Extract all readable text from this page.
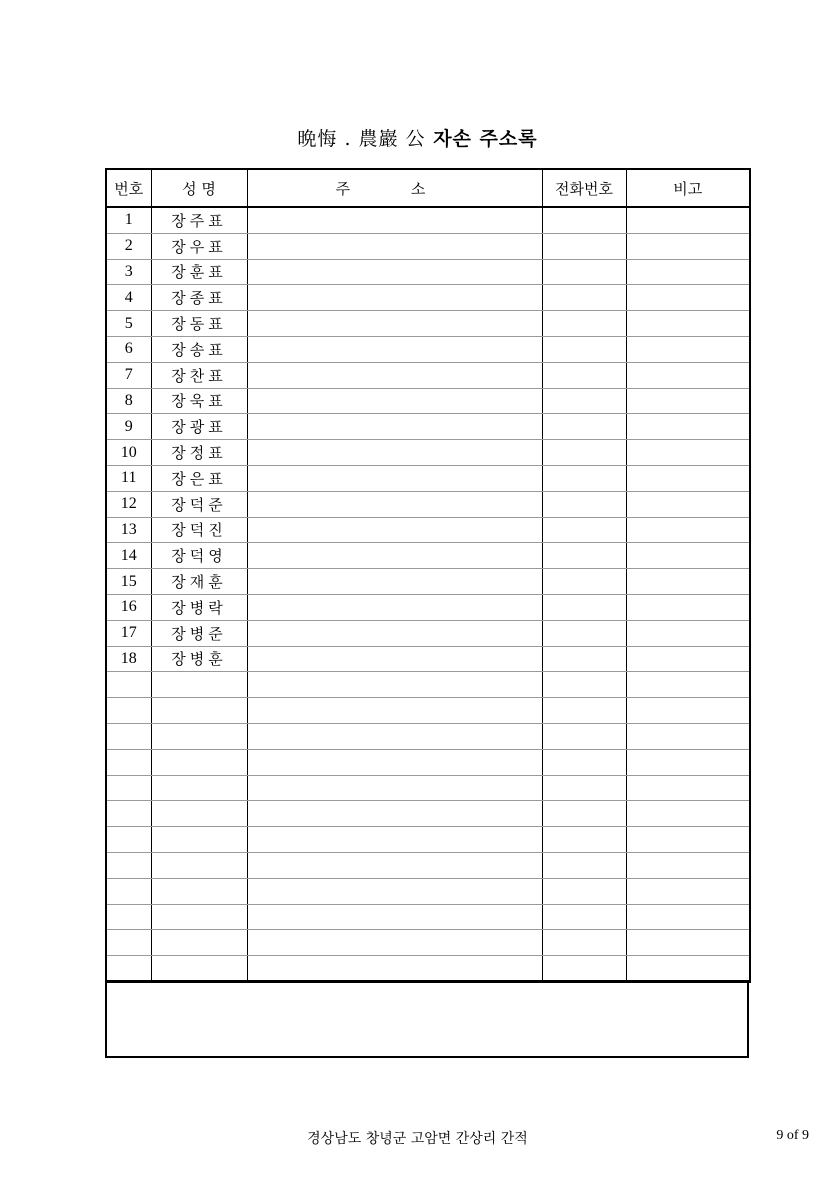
晩悔 . 農巖 公 자손 주소록
번호	성 명	주 소	전화번호	비고
1	장주표			
2	장우표			
3	장훈표			
4	장종표			
5	장동표			
6	장송표			
7	장찬표			
8	장욱표			
9	장광표			
10	장정표			
11	장은표			
12	장덕준			
13	장덕진			
14	장덕영			
15	장재훈			
16	장병락			
17	장병준			
18	장병훈			

경상남도 창녕군 고암면 간상리 간적	9 of 9
